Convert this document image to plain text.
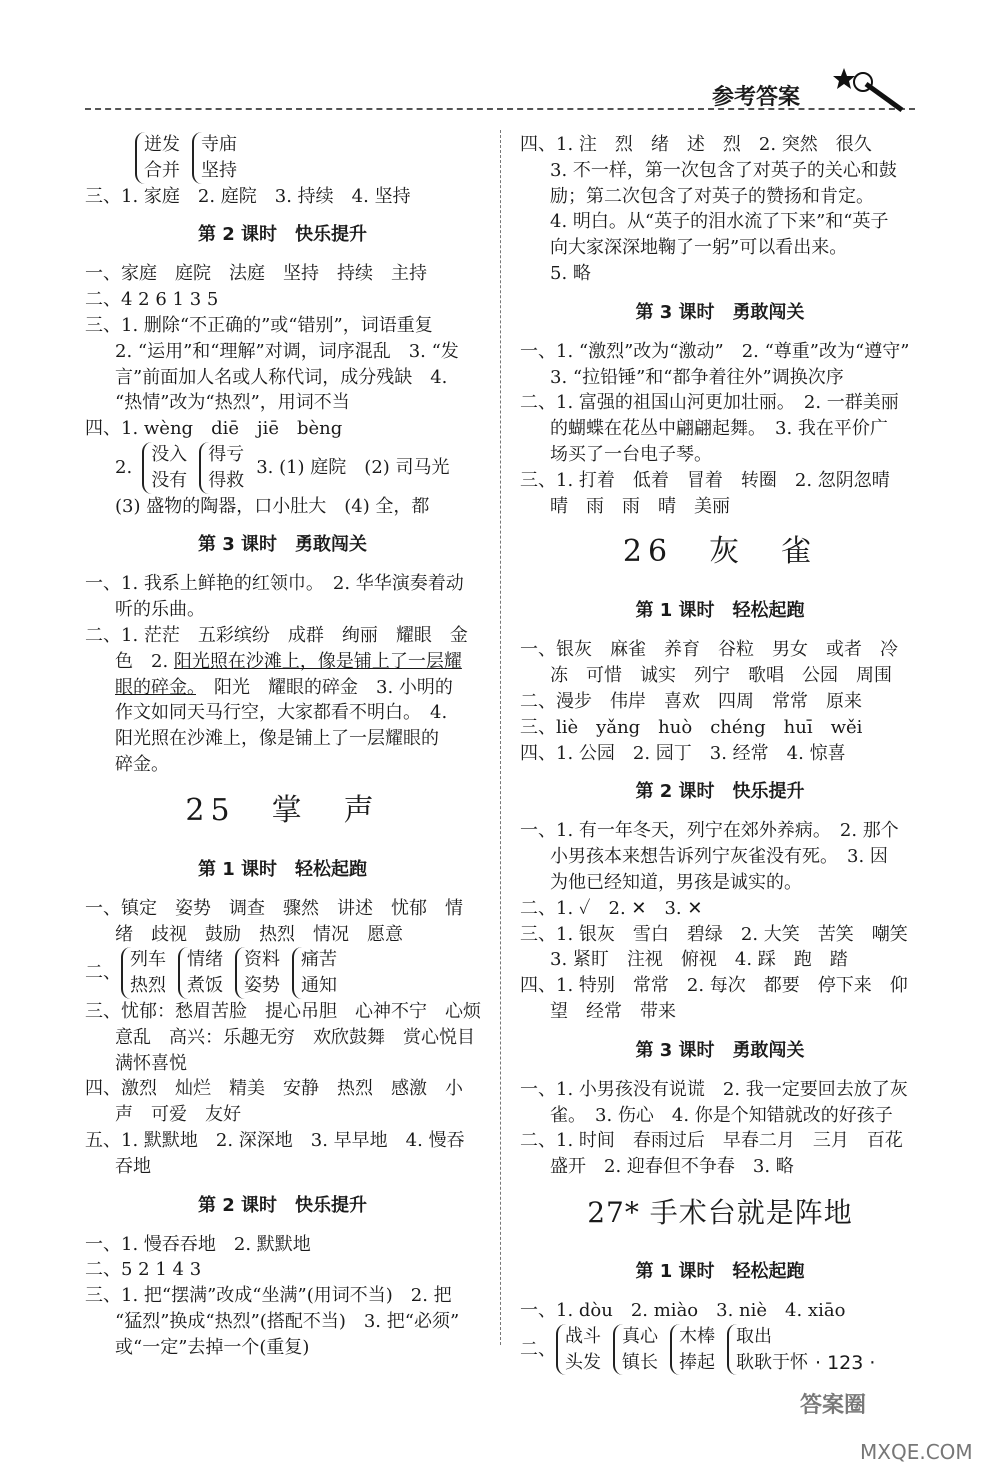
参考答案
迸发
合并
寺庙
坚持
三、1. 家庭　2. 庭院　3. 持续　4. 坚持
第 2 课时　快乐提升
一、家庭　庭院　法庭　坚持　持续　主持
二、4 2 6 1 3 5
三、1. 删除“不正确的”或“错别”，词语重复
2. “运用”和“理解”对调，词序混乱　3. “发
言”前面加人名或人称代词，成分残缺　4.
“热情”改为“热烈”，用词不当
四、1. wèng　diē　jiē　bèng
2.
没入
没有
得亏
得救
3. (1) 庭院　(2) 司马光
(3) 盛物的陶器，口小肚大　(4) 全，都
第 3 课时　勇敢闯关
一、1. 我系上鲜艳的红领巾。　2. 华华演奏着动
听的乐曲。
二、1. 茫茫　五彩缤纷　成群　绚丽　耀眼　金
色　2. 阳光照在沙滩上，像是铺上了一层耀
眼的碎金。　阳光　耀眼的碎金　3. 小明的
作文如同天马行空，大家都看不明白。　4.
阳光照在沙滩上，像是铺上了一层耀眼的
碎金。
25　掌　声
第 1 课时　轻松起跑
一、镇定　姿势　调查　骤然　讲述　忧郁　情
绪　歧视　鼓励　热烈　情况　愿意
二、
列车
热烈
情绪
煮饭
资料
姿势
痛苦
通知
三、忧郁：愁眉苦脸　提心吊胆　心神不宁　心烦
意乱　高兴：乐趣无穷　欢欣鼓舞　赏心悦目
满怀喜悦
四、激烈　灿烂　精美　安静　热烈　感激　小
声　可爱　友好
五、1. 默默地　2. 深深地　3. 早早地　4. 慢吞
吞地
第 2 课时　快乐提升
一、1. 慢吞吞地　2. 默默地
二、5 2 1 4 3
三、1. 把“摆满”改成“坐满”(用词不当)　2. 把
“猛烈”换成“热烈”(搭配不当)　3. 把“必须”
或“一定”去掉一个(重复)
四、1. 注　烈　绪　述　烈　2. 突然　很久
3. 不一样，第一次包含了对英子的关心和鼓
励；第二次包含了对英子的赞扬和肯定。
4. 明白。从“英子的泪水流了下来”和“英子
向大家深深地鞠了一躬”可以看出来。
5. 略
第 3 课时　勇敢闯关
一、1. “激烈”改为“激动”　2. “尊重”改为“遵守”
3. “拉铅锤”和“都争着往外”调换次序
二、1. 富强的祖国山河更加壮丽。　2. 一群美丽
的蝴蝶在花丛中翩翩起舞。　3. 我在平价广
场买了一台电子琴。
三、1. 打着　低着　冒着　转圈　2. 忽阴忽晴
晴　雨　雨　晴　美丽
26　灰　雀
第 1 课时　轻松起跑
一、银灰　麻雀　养育　谷粒　男女　或者　冷
冻　可惜　诚实　列宁　歌唱　公园　周围
二、漫步　伟岸　喜欢　四周　常常　原来
三、liè　yǎng　huò　chéng　huī　wěi
四、1. 公园　2. 园丁　3. 经常　4. 惊喜
第 2 课时　快乐提升
一、1. 有一年冬天，列宁在郊外养病。　2. 那个
小男孩本来想告诉列宁灰雀没有死。　3. 因
为他已经知道，男孩是诚实的。
二、1. ✓　2. ✕　3. ✕
三、1. 银灰　雪白　碧绿　2. 大笑　苦笑　嘲笑
3. 紧盯　注视　俯视　4. 踩　跑　踏
四、1. 特别　常常　2. 每次　都要　停下来　仰
望　经常　带来
第 3 课时　勇敢闯关
一、1. 小男孩没有说谎　2. 我一定要回去放了灰
雀。　3. 伤心　4. 你是个知错就改的好孩子
二、1. 时间　春雨过后　早春二月　三月　百花
盛开　2. 迎春但不争春　3. 略
27* 手术台就是阵地
第 1 课时　轻松起跑
一、1. dòu　2. miào　3. niè　4. xiāo
二、
战斗
头发
真心
镇长
木棒
捧起
取出
耿耿于怀 · 123 ·
答案圈
MXQE.COM
